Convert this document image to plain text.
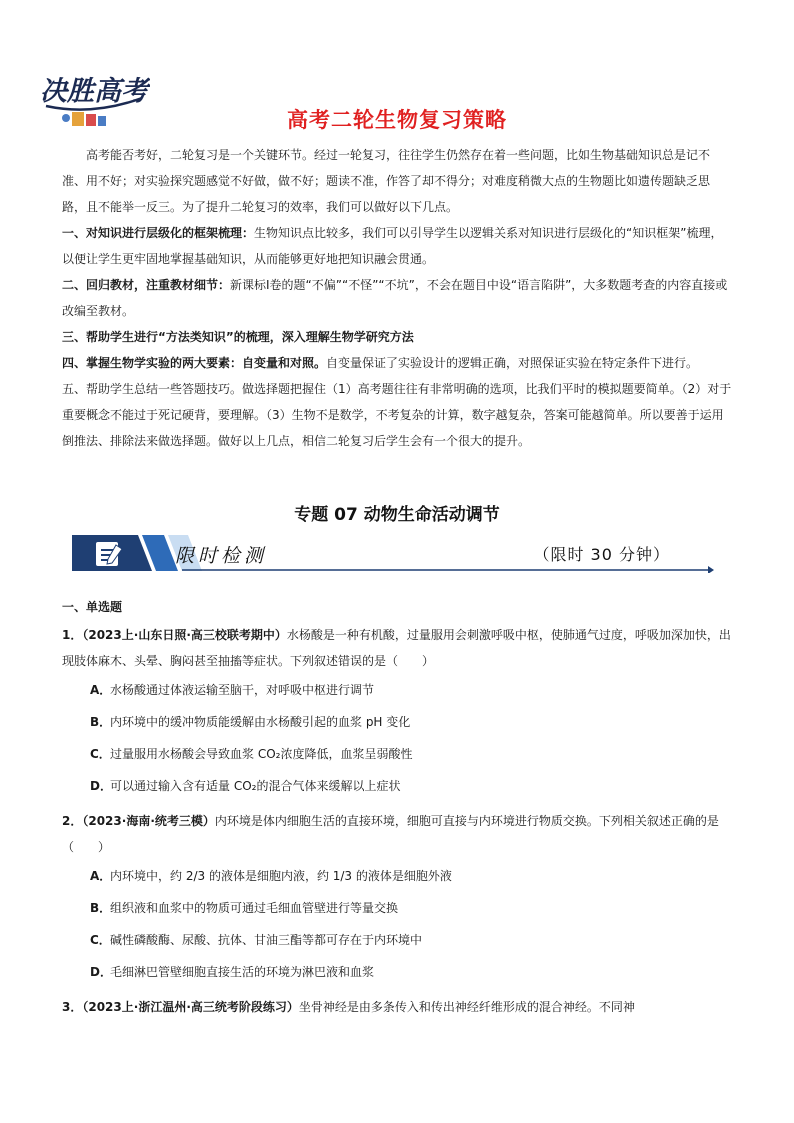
决胜高考
高考二轮生物复习策略

高考能否考好，二轮复习是一个关键环节。经过一轮复习，往往学生仍然存在着一些问题，比如生物基础知识总是记不准、用不好；对实验探究题感觉不好做，做不好；题读不准，作答了却不得分；对难度稍微大点的生物题比如遗传题缺乏思路，且不能举一反三。为了提升二轮复习的效率，我们可以做好以下几点。

一、对知识进行层级化的框架梳理：生物知识点比较多，我们可以引导学生以逻辑关系对知识进行层级化的“知识框架”梳理，以便让学生更牢固地掌握基础知识，从而能够更好地把知识融会贯通。

二、回归教材，注重教材细节：新课标Ⅰ卷的题“不偏”“不怪”“不坑”，不会在题目中设“语言陷阱”，大多数题考查的内容直接或改编至教材。

三、帮助学生进行“方法类知识”的梳理，深入理解生物学研究方法

四、掌握生物学实验的两大要素：自变量和对照。自变量保证了实验设计的逻辑正确，对照保证实验在特定条件下进行。

五、帮助学生总结一些答题技巧。做选择题把握住（1）高考题往往有非常明确的选项，比我们平时的模拟题要简单。（2）对于重要概念不能过于死记硬背，要理解。（3）生物不是数学，不考复杂的计算，数字越复杂，答案可能越简单。所以要善于运用倒推法、排除法来做选择题。做好以上几点，相信二轮复习后学生会有一个很大的提升。

专题 07 动物生命活动调节
限时检测	（限时 30 分钟）
一、单选题

1．（2023上·山东日照·高三校联考期中）水杨酸是一种有机酸，过量服用会刺激呼吸中枢，使肺通气过度，呼吸加深加快，出现肢体麻木、头晕、胸闷甚至抽搐等症状。下列叙述错误的是（　　）

A．水杨酸通过体液运输至脑干，对呼吸中枢进行调节
B．内环境中的缓冲物质能缓解由水杨酸引起的血浆 pH 变化
C．过量服用水杨酸会导致血浆 CO₂浓度降低，血浆呈弱酸性
D．可以通过输入含有适量 CO₂的混合气体来缓解以上症状

2．（2023·海南·统考三模）内环境是体内细胞生活的直接环境，细胞可直接与内环境进行物质交换。下列相关叙述正确的是（　　）

A．内环境中，约 2/3 的液体是细胞内液，约 1/3 的液体是细胞外液
B．组织液和血浆中的物质可通过毛细血管壁进行等量交换
C．碱性磷酸酶、尿酸、抗体、甘油三酯等都可存在于内环境中
D．毛细淋巴管壁细胞直接生活的环境为淋巴液和血浆

3．（2023上·浙江温州·高三统考阶段练习）坐骨神经是由多条传入和传出神经纤维形成的混合神经。不同神
